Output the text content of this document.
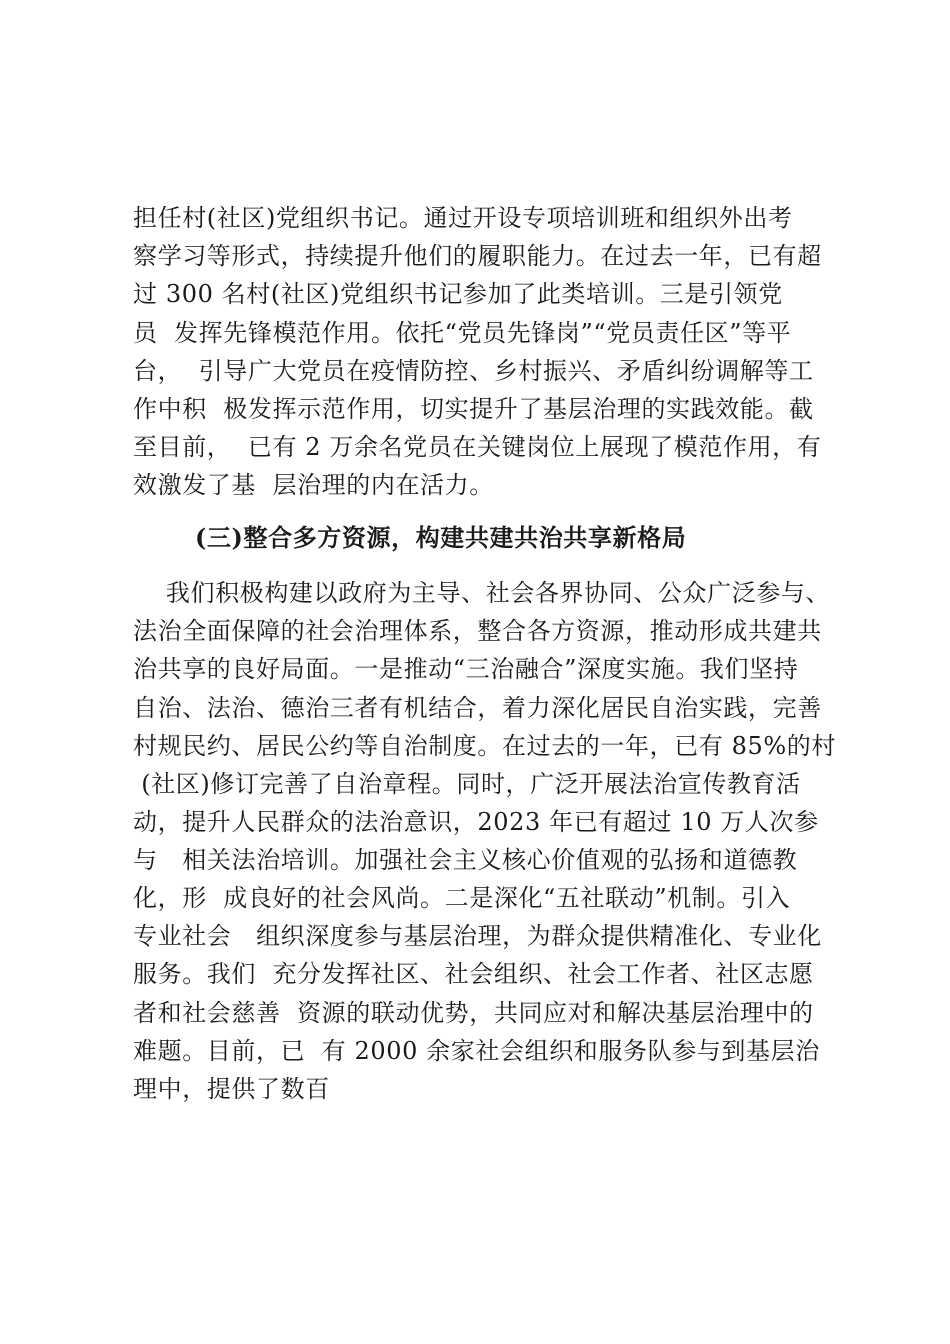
担任村(社区)党组织书记。通过开设专项培训班和组织外出考
察学习等形式，持续提升他们的履职能力。在过去一年，已有超
过 300 名村(社区)党组织书记参加了此类培训。三是引领党
员  发挥先锋模范作用。依托“党员先锋岗”“党员责任区”等平
台，  引导广大党员在疫情防控、乡村振兴、矛盾纠纷调解等工
作中积  极发挥示范作用，切实提升了基层治理的实践效能。截
至目前，  已有 2 万余名党员在关键岗位上展现了模范作用，有
效激发了基  层治理的内在活力。
(三)整合多方资源，构建共建共治共享新格局
我们积极构建以政府为主导、社会各界协同、公众广泛参与、
法治全面保障的社会治理体系，整合各方资源，推动形成共建共
治共享的良好局面。一是推动“三治融合”深度实施。我们坚持
自治、法治、德治三者有机结合，着力深化居民自治实践，完善
村规民约、居民公约等自治制度。在过去的一年，已有 85%的村
(社区)修订完善了自治章程。同时，广泛开展法治宣传教育活
动，提升人民群众的法治意识，2023 年已有超过 10 万人次参
与   相关法治培训。加强社会主义核心价值观的弘扬和道德教
化，形  成良好的社会风尚。二是深化“五社联动”机制。引入
专业社会   组织深度参与基层治理，为群众提供精准化、专业化
服务。我们  充分发挥社区、社会组织、社会工作者、社区志愿
者和社会慈善  资源的联动优势，共同应对和解决基层治理中的
难题。目前，已  有 2000 余家社会组织和服务队参与到基层治
理中，提供了数百
